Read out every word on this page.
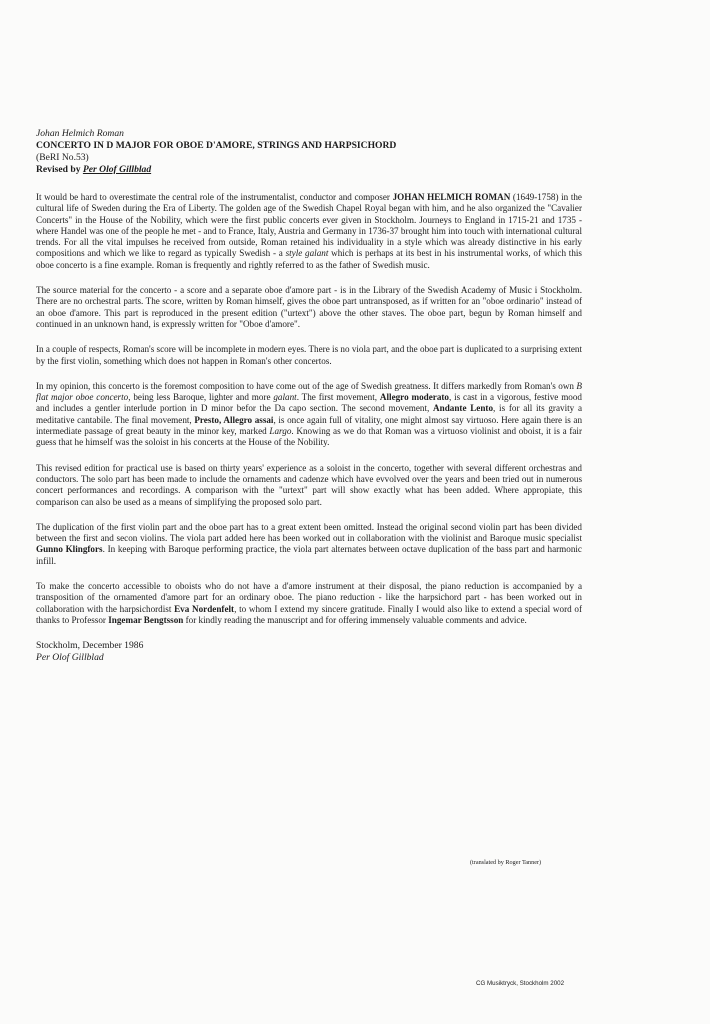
Johan Helmich Roman
CONCERTO IN D MAJOR FOR OBOE D'AMORE, STRINGS AND HARPSICHORD
(BeRI No.53)
Revised by Per Olof Gillblad

It would be hard to overestimate the central role of the instrumentalist, conductor and composer JOHAN HELMICH ROMAN (1649-1758) in the cultural life of Sweden during the Era of Liberty. The golden age of the Swedish Chapel Royal began with him, and he also organized the "Cavalier Concerts" in the House of the Nobility, which were the first public concerts ever given in Stockholm. Journeys to England in 1715-21 and 1735 - where Handel was one of the people he met - and to France, Italy, Austria and Germany in 1736-37 brought him into touch with international cultural trends. For all the vital impulses he received from outside, Roman retained his individuality in a style which was already distinctive in his early compositions and which we like to regard as typically Swedish - a style galant which is perhaps at its best in his instrumental works, of which this oboe concerto is a fine example. Roman is frequently and rightly referred to as the father of Swedish music.

The source material for the concerto - a score and a separate oboe d'amore part - is in the Library of the Swedish Academy of Music i Stockholm. There are no orchestral parts. The score, written by Roman himself, gives the oboe part untransposed, as if written for an "oboe ordinario" instead of an oboe d'amore. This part is reproduced in the present edition ("urtext") above the other staves. The oboe part, begun by Roman himself and continued in an unknown hand, is expressly written for "Oboe d'amore".

In a couple of respects, Roman's score will be incomplete in modern eyes. There is no viola part, and the oboe part is duplicated to a surprising extent by the first violin, something which does not happen in Roman's other concertos.

In my opinion, this concerto is the foremost composition to have come out of the age of Swedish greatness. It differs markedly from Roman's own B flat major oboe concerto, being less Baroque, lighter and more galant. The first movement, Allegro moderato, is cast in a vigorous, festive mood and includes a gentler interlude portion in D minor befor the Da capo section. The second movement, Andante Lento, is for all its gravity a meditative cantabile. The final movement, Presto, Allegro assai, is once again full of vitality, one might almost say virtuoso. Here again there is an intermediate passage of great beauty in the minor key, marked Largo. Knowing as we do that Roman was a virtuoso violinist and oboist, it is a fair guess that he himself was the soloist in his concerts at the House of the Nobility.

This revised edition for practical use is based on thirty years' experience as a soloist in the concerto, together with several different orchestras and conductors. The solo part has been made to include the ornaments and cadenze which have evvolved over the years and been tried out in numerous concert performances and recordings. A comparison with the "urtext" part will show exactly what has been added. Where appropiate, this comparison can also be used as a means of simplifying the proposed solo part.

The duplication of the first violin part and the oboe part has to a great extent been omitted. Instead the original second violin part has been divided between the first and secon violins. The viola part added here has been worked out in collaboration with the violinist and Baroque music specialist Gunno Klingfors. In keeping with Baroque performing practice, the viola part alternates between octave duplication of the bass part and harmonic infill.

To make the concerto accessible to oboists who do not have a d'amore instrument at their disposal, the piano reduction is accompanied by a transposition of the ornamented d'amore part for an ordinary oboe. The piano reduction - like the harpsichord part - has been worked out in collaboration with the harpsichordist Eva Nordenfelt, to whom I extend my sincere gratitude. Finally I would also like to extend a special word of thanks to Professor Ingemar Bengtsson for kindly reading the manuscript and for offering immensely valuable comments and advice.

Stockholm, December 1986
Per Olof Gillblad
(translated by Roger Tanner)
CG Musiktryck, Stockholm 2002
